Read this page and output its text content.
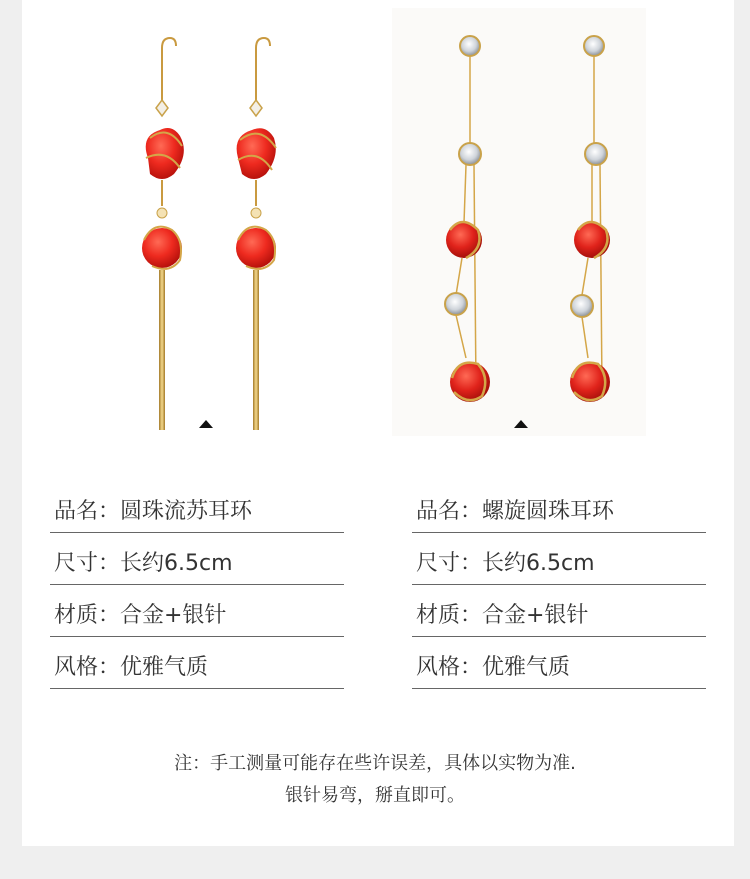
品名：圆珠流苏耳环
尺寸：长约6.5cm
材质：合金+银针
风格：优雅气质
品名：螺旋圆珠耳环
尺寸：长约6.5cm
材质：合金+银针
风格：优雅气质
注：手工测量可能存在些许误差，具体以实物为准.
银针易弯，掰直即可。
